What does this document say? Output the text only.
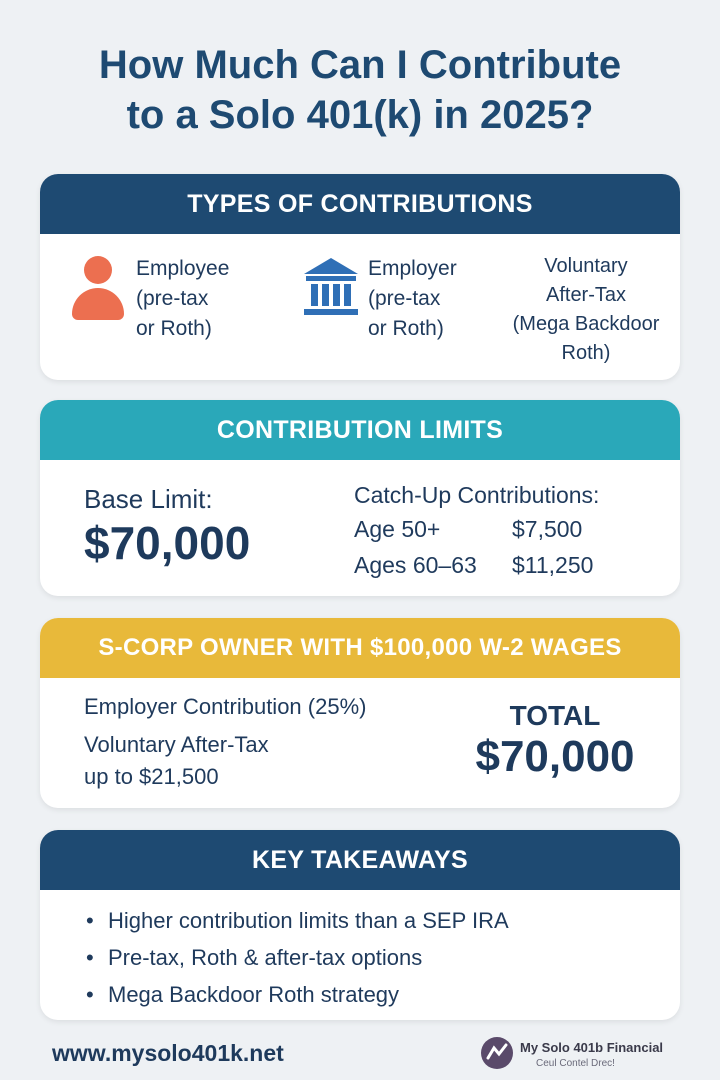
How Much Can I Contribute
to a Solo 401(k) in 2025?
TYPES OF CONTRIBUTIONS
Employee
(pre-tax
or Roth)
Employer
(pre-tax
or Roth)
Voluntary
After-Tax
(Mega Backdoor
Roth)
CONTRIBUTION LIMITS
Base Limit:
$70,000
Catch-Up Contributions:
Age 50+	$7,500
Ages 60–63 $11,250
S-CORP OWNER WITH $100,000 W-2 WAGES
Employer Contribution (25%)
Voluntary After-Tax
up to $21,500
TOTAL
$70,000
KEY TAKEAWAYS
• Higher contribution limits than a SEP IRA
• Pre-tax, Roth & after-tax options
• Mega Backdoor Roth strategy
www.mysolo401k.net	My Solo 401b Financial
Ceul Contel Drec!
